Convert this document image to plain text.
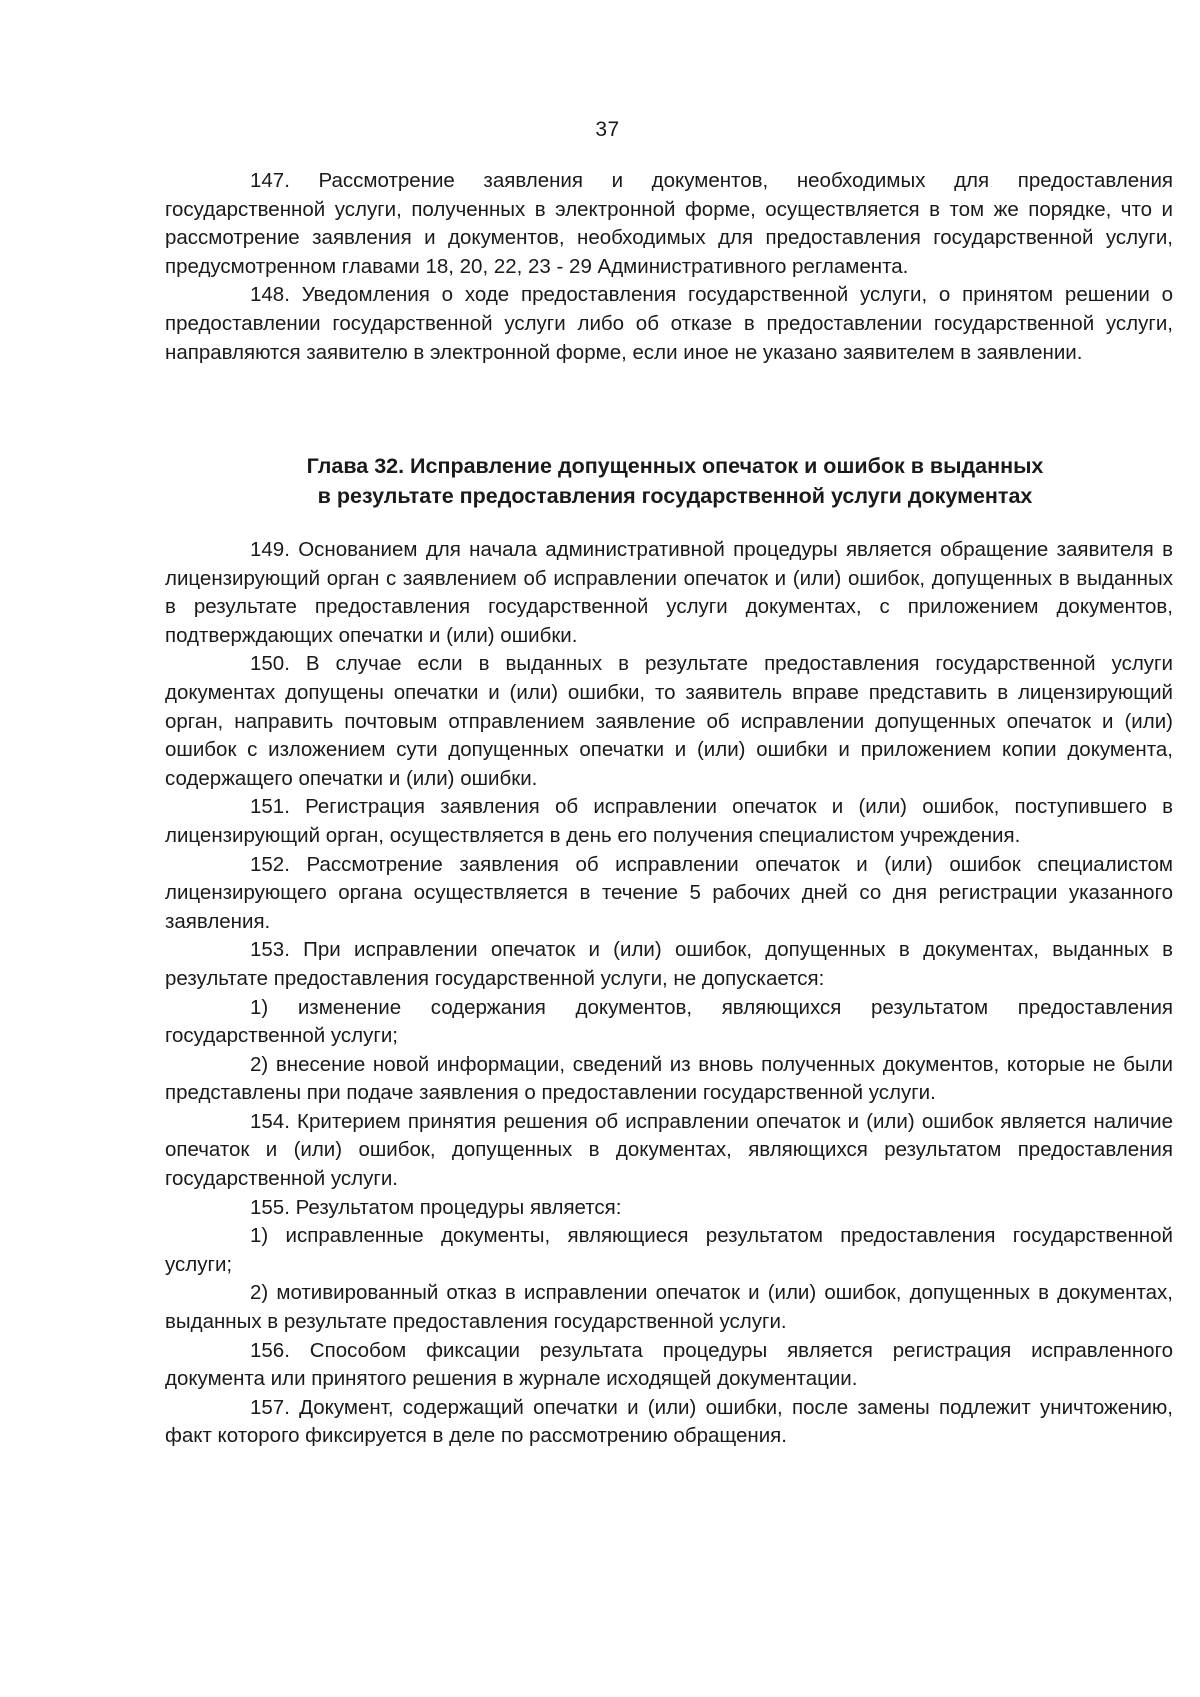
37

147. Рассмотрение заявления и документов, необходимых для предоставления государственной услуги, полученных в электронной форме, осуществляется в том же порядке, что и рассмотрение заявления и документов, необходимых для предоставления государственной услуги, предусмотренном главами 18, 20, 22, 23 - 29 Административного регламента.

148. Уведомления о ходе предоставления государственной услуги, о принятом решении о предоставлении государственной услуги либо об отказе в предоставлении государственной услуги, направляются заявителю в электронной форме, если иное не указано заявителем в заявлении.

Глава 32. Исправление допущенных опечаток и ошибок в выданных
в результате предоставления государственной услуги документах

149. Основанием для начала административной процедуры является обращение заявителя в лицензирующий орган с заявлением об исправлении опечаток и (или) ошибок, допущенных в выданных в результате предоставления государственной услуги документах, с приложением документов, подтверждающих опечатки и (или) ошибки.

150. В случае если в выданных в результате предоставления государственной услуги документах допущены опечатки и (или) ошибки, то заявитель вправе представить в лицензирующий орган, направить почтовым отправлением заявление об исправлении допущенных опечаток и (или) ошибок с изложением сути допущенных опечатки и (или) ошибки и приложением копии документа, содержащего опечатки и (или) ошибки.

151. Регистрация заявления об исправлении опечаток и (или) ошибок, поступившего в лицензирующий орган, осуществляется в день его получения специалистом учреждения.

152. Рассмотрение заявления об исправлении опечаток и (или) ошибок специалистом лицензирующего органа осуществляется в течение 5 рабочих дней со дня регистрации указанного заявления.

153. При исправлении опечаток и (или) ошибок, допущенных в документах, выданных в результате предоставления государственной услуги, не допускается:

1) изменение содержания документов, являющихся результатом предоставления государственной услуги;

2) внесение новой информации, сведений из вновь полученных документов, которые не были представлены при подаче заявления о предоставлении государственной услуги.

154. Критерием принятия решения об исправлении опечаток и (или) ошибок является наличие опечаток и (или) ошибок, допущенных в документах, являющихся результатом предоставления государственной услуги.

155. Результатом процедуры является:

1) исправленные документы, являющиеся результатом предоставления государственной услуги;

2) мотивированный отказ в исправлении опечаток и (или) ошибок, допущенных в документах, выданных в результате предоставления государственной услуги.

156. Способом фиксации результата процедуры является регистрация исправленного документа или принятого решения в журнале исходящей документации.

157. Документ, содержащий опечатки и (или) ошибки, после замены подлежит уничтожению, факт которого фиксируется в деле по рассмотрению обращения.
